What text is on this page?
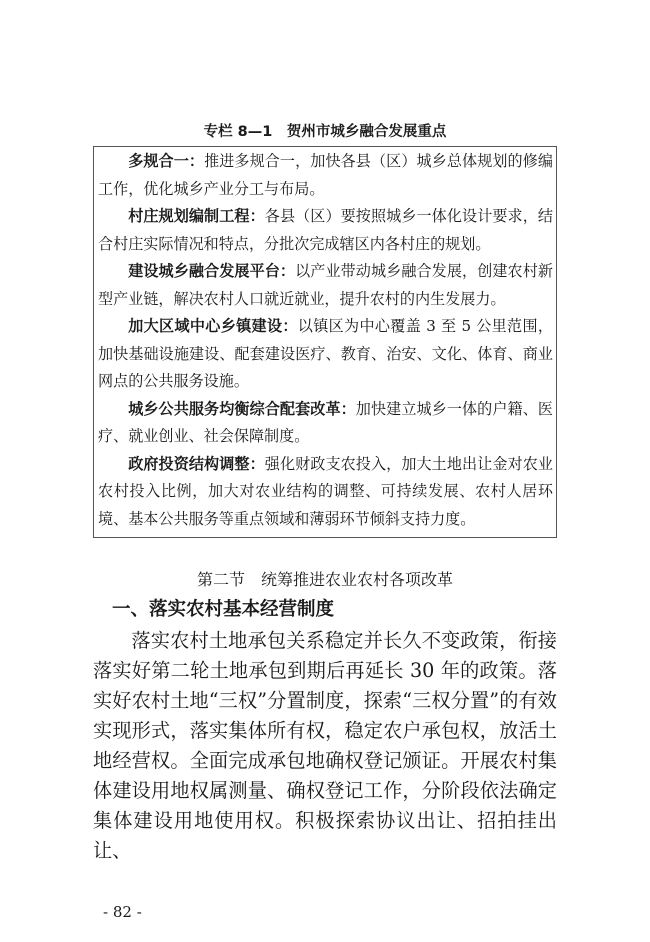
专栏 8—1　贺州市城乡融合发展重点

多规合一：推进多规合一，加快各县（区）城乡总体规划的修编工作，优化城乡产业分工与布局。

村庄规划编制工程：各县（区）要按照城乡一体化设计要求，结合村庄实际情况和特点，分批次完成辖区内各村庄的规划。

建设城乡融合发展平台：以产业带动城乡融合发展，创建农村新型产业链，解决农村人口就近就业，提升农村的内生发展力。

加大区域中心乡镇建设：以镇区为中心覆盖 3 至 5 公里范围，加快基础设施建设、配套建设医疗、教育、治安、文化、体育、商业网点的公共服务设施。

城乡公共服务均衡综合配套改革：加快建立城乡一体的户籍、医疗、就业创业、社会保障制度。

政府投资结构调整：强化财政支农投入，加大土地出让金对农业农村投入比例，加大对农业结构的调整、可持续发展、农村人居环境、基本公共服务等重点领域和薄弱环节倾斜支持力度。

第二节 统筹推进农业农村各项改革
一、落实农村基本经营制度

落实农村土地承包关系稳定并长久不变政策，衔接落实好第二轮土地承包到期后再延长 30 年的政策。落实好农村土地“三权”分置制度，探索“三权分置”的有效实现形式，落实集体所有权，稳定农户承包权，放活土地经营权。全面完成承包地确权登记颁证。开展农村集体建设用地权属测量、确权登记工作，分阶段依法确定集体建设用地使用权。积极探索协议出让、招拍挂出让、

- 82 -
